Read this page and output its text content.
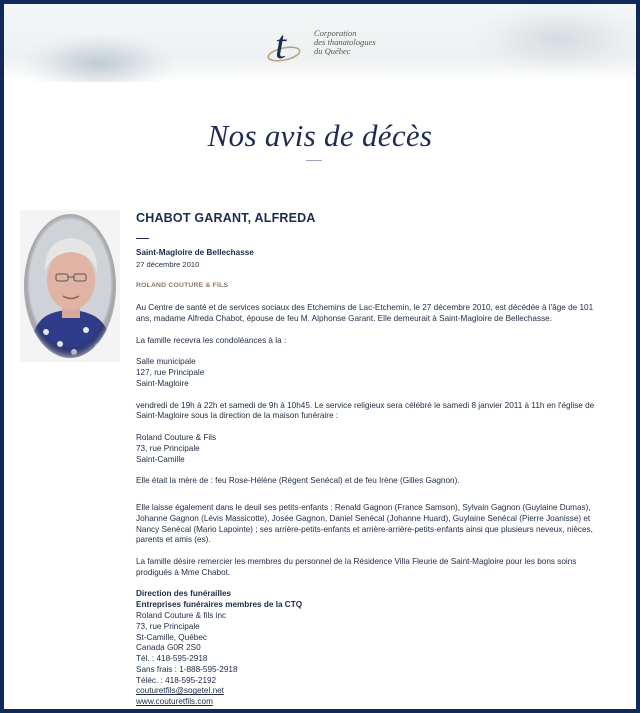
t	Corporation
des thanatologues
du Québec
Nos avis de décès
CHABOT GARANT, ALFREDA
Saint-Magloire de Bellechasse
27 décembre 2010
ROLAND COUTURE & FILS

Au Centre de santé et de services sociaux des Etchemins de Lac-Etchemin, le 27 décembre 2010, est décédée à l'âge de 101 ans, madame Alfreda Chabot, épouse de feu M. Alphonse Garant. Elle demeurait à Saint-Magloire de Bellechasse.

La famille recevra les condoléances à la :

Salle municipale
127, rue Principale
Saint-Magloire

vendredi de 19h à 22h et samedi de 9h à 10h45. Le service religieux sera célébré le samedi 8 janvier 2011 à 11h en l'église de Saint-Magloire sous la direction de la maison funéraire :

Roland Couture & Fils
73, rue Principale
Saint-Camille

Elle était la mère de : feu Rose-Hélène (Régent Senécal) et de feu Irène (Gilles Gagnon).

Elle laisse également dans le deuil ses petits-enfants : Renald Gagnon (France Samson), Sylvain Gagnon (Guylaine Dumas), Johanne Gagnon (Lévis Massicotte), Josée Gagnon, Daniel Senécal (Johanne Huard), Guylaine Senécal (Pierre Joanisse) et Nancy Senécal (Mario Lapointe) ; ses arrière-petits-enfants et arrière-arrière-petits-enfants ainsi que plusieurs neveux, nièces, parents et amis (es).

La famille désire remercier les membres du personnel de la Résidence Villa Fleurie de Saint-Magloire pour les bons soins prodigués à Mme Chabot.

Direction des funérailles
Entreprises funéraires membres de la CTQ
Roland Couture & fils inc
73, rue Principale
St-Camille, Québec
Canada G0R 2S0
Tél. : 418-595-2918
Sans frais : 1-888-595-2918
Téléc. : 418-595-2192
couturetfils@sogetel.net
www.couturetfils.com
